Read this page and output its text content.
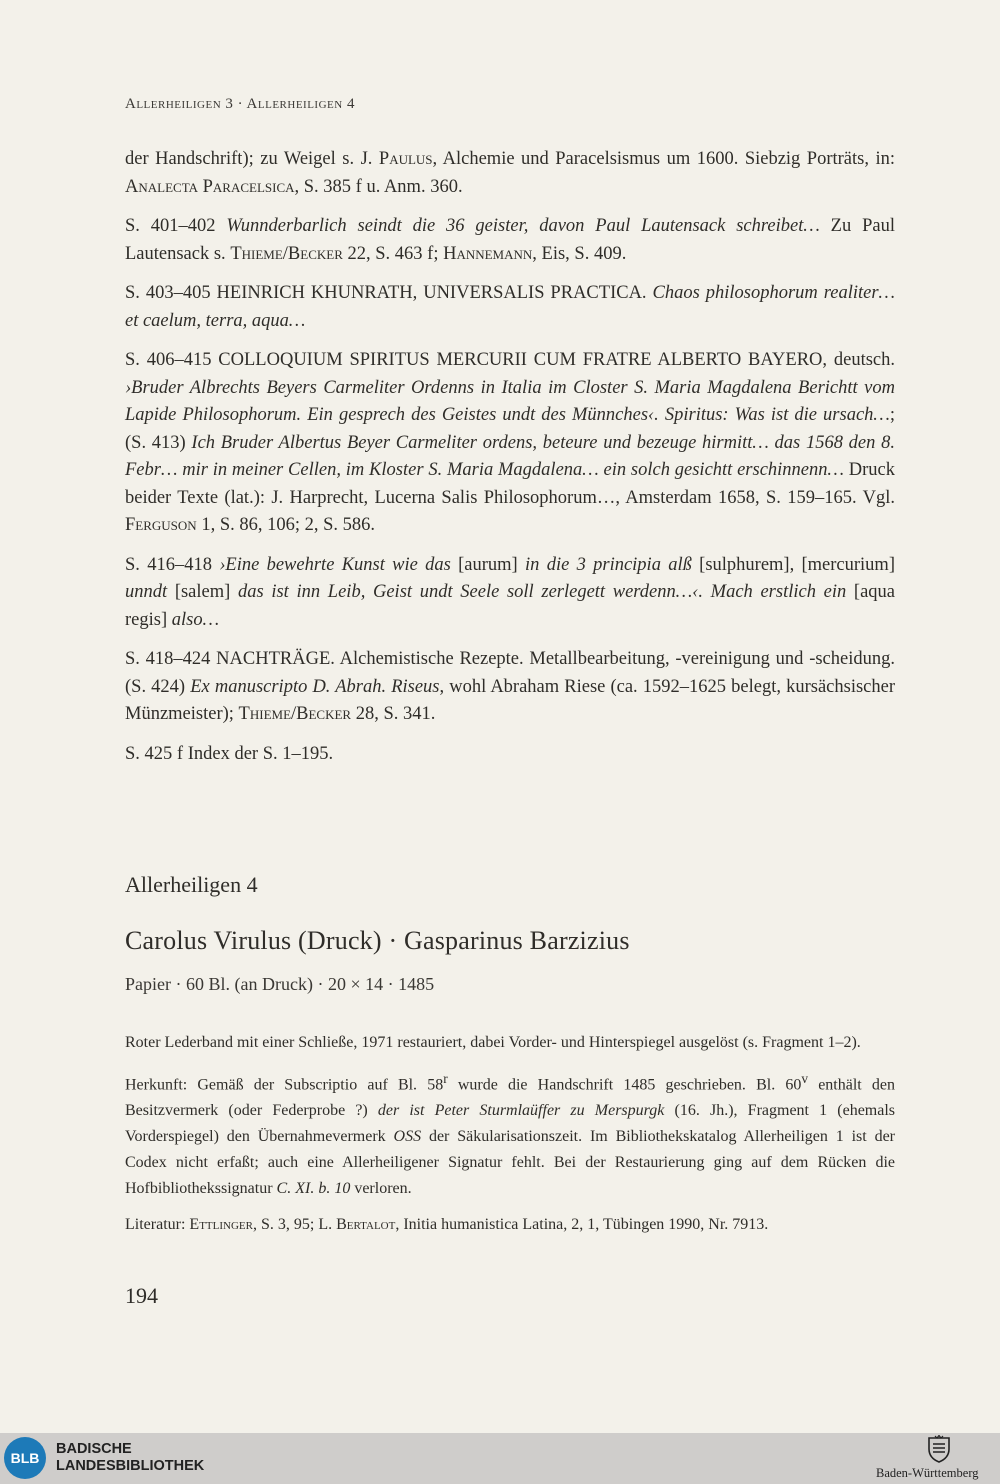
Allerheiligen 3 · Allerheiligen 4

der Handschrift); zu Weigel s. J. Paulus, Alchemie und Paracelsismus um 1600. Siebzig Porträts, in: Analecta Paracelsica, S. 385 f u. Anm. 360.

S. 401–402 Wunnderbarlich seindt die 36 geister, davon Paul Lautensack schreibet… Zu Paul Lautensack s. Thieme/Becker 22, S. 463 f; Hannemann, Eis, S. 409.

S. 403–405 HEINRICH KHUNRATH, UNIVERSALIS PRACTICA. Chaos philosophorum realiter… et caelum, terra, aqua…

S. 406–415 COLLOQUIUM SPIRITUS MERCURII CUM FRATRE ALBERTO BAYERO, deutsch. ›Bruder Albrechts Beyers Carmeliter Ordenns in Italia im Closter S. Maria Magdalena Berichtt vom Lapide Philosophorum. Ein gesprech des Geistes undt des Münnches‹. Spiritus: Was ist die ursach…; (S. 413) Ich Bruder Albertus Beyer Carmeliter ordens, beteure und bezeuge hirmitt… das 1568 den 8. Febr… mir in meiner Cellen, im Kloster S. Maria Magdalena… ein solch gesichtt erschinnenn… Druck beider Texte (lat.): J. Harprecht, Lucerna Salis Philosophorum…, Amsterdam 1658, S. 159–165. Vgl. Ferguson 1, S. 86, 106; 2, S. 586.

S. 416–418 ›Eine bewehrte Kunst wie das [aurum] in die 3 principia alß [sulphurem], [mercurium] unndt [salem] das ist inn Leib, Geist undt Seele soll zerlegett werdenn…‹. Mach erstlich ein [aqua regis] also…

S. 418–424 NACHTRÄGE. Alchemistische Rezepte. Metallbearbeitung, -vereinigung und -scheidung. (S. 424) Ex manuscripto D. Abrah. Riseus, wohl Abraham Riese (ca. 1592–1625 belegt, kursächsischer Münzmeister); Thieme/Becker 28, S. 341.

S. 425 f Index der S. 1–195.

Allerheiligen 4
Carolus Virulus (Druck) · Gasparinus Barzizius
Papier · 60 Bl. (an Druck) · 20 × 14 · 1485

Roter Lederband mit einer Schließe, 1971 restauriert, dabei Vorder- und Hinterspiegel ausgelöst (s. Fragment 1–2).

Herkunft: Gemäß der Subscriptio auf Bl. 58$^r$ wurde die Handschrift 1485 geschrieben. Bl. 60$^v$ enthält den Besitzvermerk (oder Federprobe ?) der ist Peter Sturmlaüffer zu Merspurgk (16. Jh.), Fragment 1 (ehemals Vorderspiegel) den Übernahmevermerk OSS der Säkularisationszeit. Im Bibliothekskatalog Allerheiligen 1 ist der Codex nicht erfaßt; auch eine Allerheiligener Signatur fehlt. Bei der Restaurierung ging auf dem Rücken die Hofbibliothekssignatur C. XI. b. 10 verloren.

Literatur: Ettlinger, S. 3, 95; L. Bertalot, Initia humanistica Latina, 2, 1, Tübingen 1990, Nr. 7913.

194
BLB
BADISCHE
LANDESBIBLIOTHEK	Baden-Württemberg
